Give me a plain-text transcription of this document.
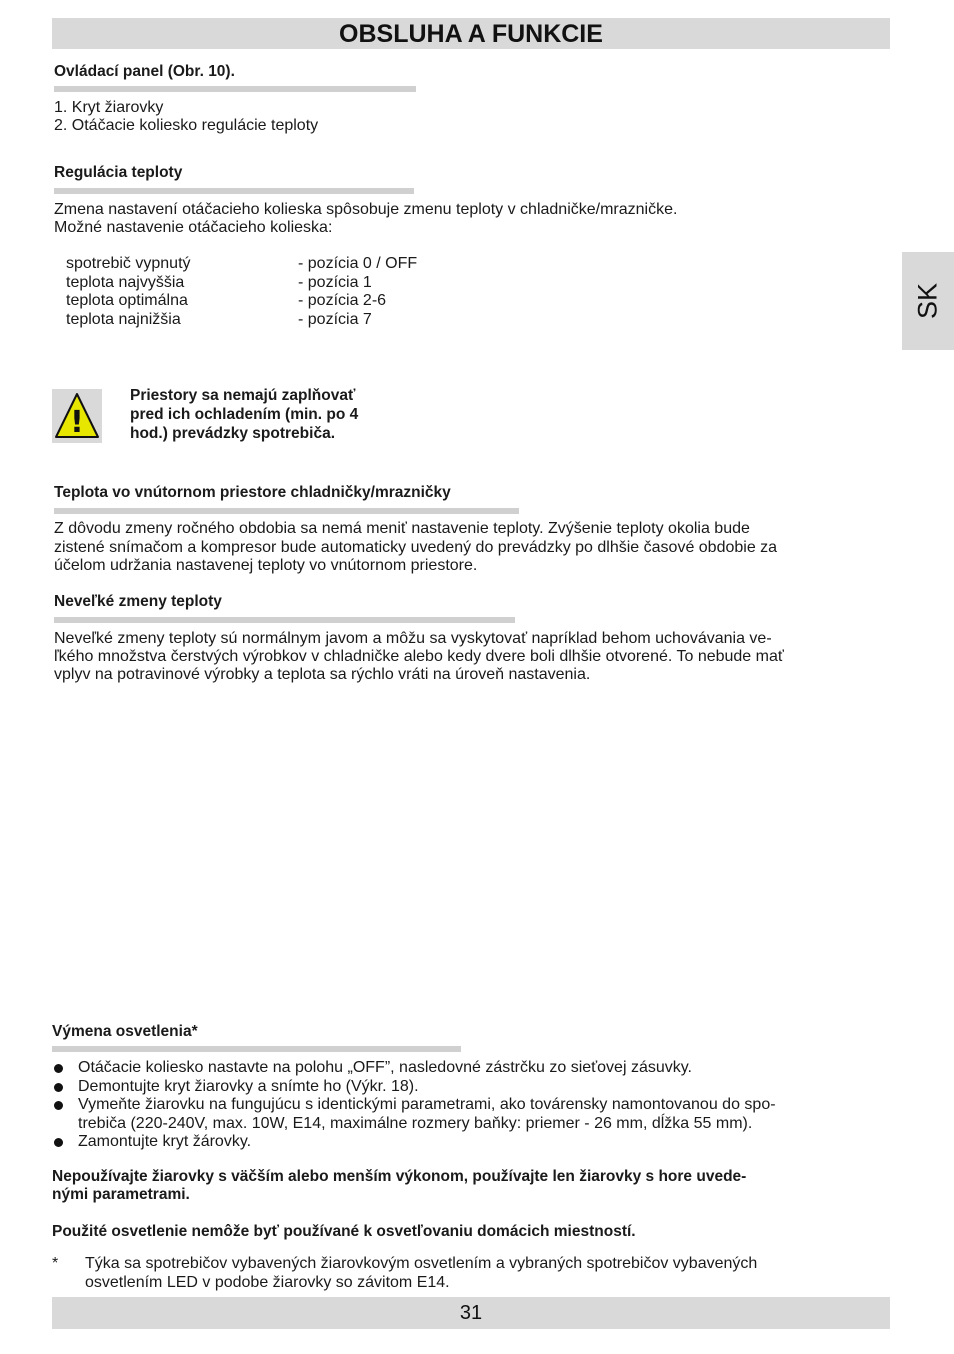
OBSLUHA A FUNKCIE
SK
Ovládací panel (Obr. 10).
1. Kryt žiarovky
2. Otáčacie koliesko regulácie teploty
Regulácia teploty
Zmena nastavení otáčacieho kolieska spôsobuje zmenu teploty v chladničke/mrazničke.
Možné nastavenie otáčacieho kolieska:
spotrebič vypnutý	- pozícia 0 / OFF
teplota najvyššia	- pozícia 1
teplota optimálna	- pozícia 2-6
teplota najnižšia	- pozícia 7
!
Priestory sa nemajú zaplňovať
pred ich ochladením (min. po 4
hod.) prevádzky spotrebiča.
Teplota vo vnútornom priestore chladničky/mrazničky
Z dôvodu zmeny ročného obdobia sa nemá meniť nastavenie teploty. Zvýšenie teploty okolia bude
zistené snímačom a kompresor bude automaticky uvedený do prevádzky po dlhšie časové obdobie za
účelom udržania nastavenej teploty vo vnútornom priestore.
Neveľké zmeny teploty
Neveľké zmeny teploty sú normálnym javom a môžu sa vyskytovať napríklad behom uchovávania ve-
ľkého množstva čerstvých výrobkov v chladničke alebo kedy dvere boli dlhšie otvorené. To nebude mať
vplyv na potravinové výrobky a teplota sa rýchlo vráti na úroveň nastavenia.
Výmena osvetlenia*
Otáčacie koliesko nastavte na polohu „OFF”, nasledovné zástrčku zo sieťovej zásuvky.
Demontujte kryt žiarovky a snímte ho (Výkr. 18).
Vymeňte žiarovku na fungujúcu s identickými parametrami, ako továrensky namontovanou do spo-
trebiča (220-240V, max. 10W, E14, maximálne rozmery baňky: priemer - 26 mm, dĺžka 55 mm).
Zamontujte kryt žárovky.
Nepoužívajte žiarovky s väčším alebo menším výkonom, používajte len žiarovky s hore uvede-
nými parametrami.
Použité osvetlenie nemôže byť používané k osvetľovaniu domácich miestností.
* Týka sa spotrebičov vybavených žiarovkovým osvetlením a vybraných spotrebičov vybavených
osvetlením LED v podobe žiarovky so závitom E14.
31
